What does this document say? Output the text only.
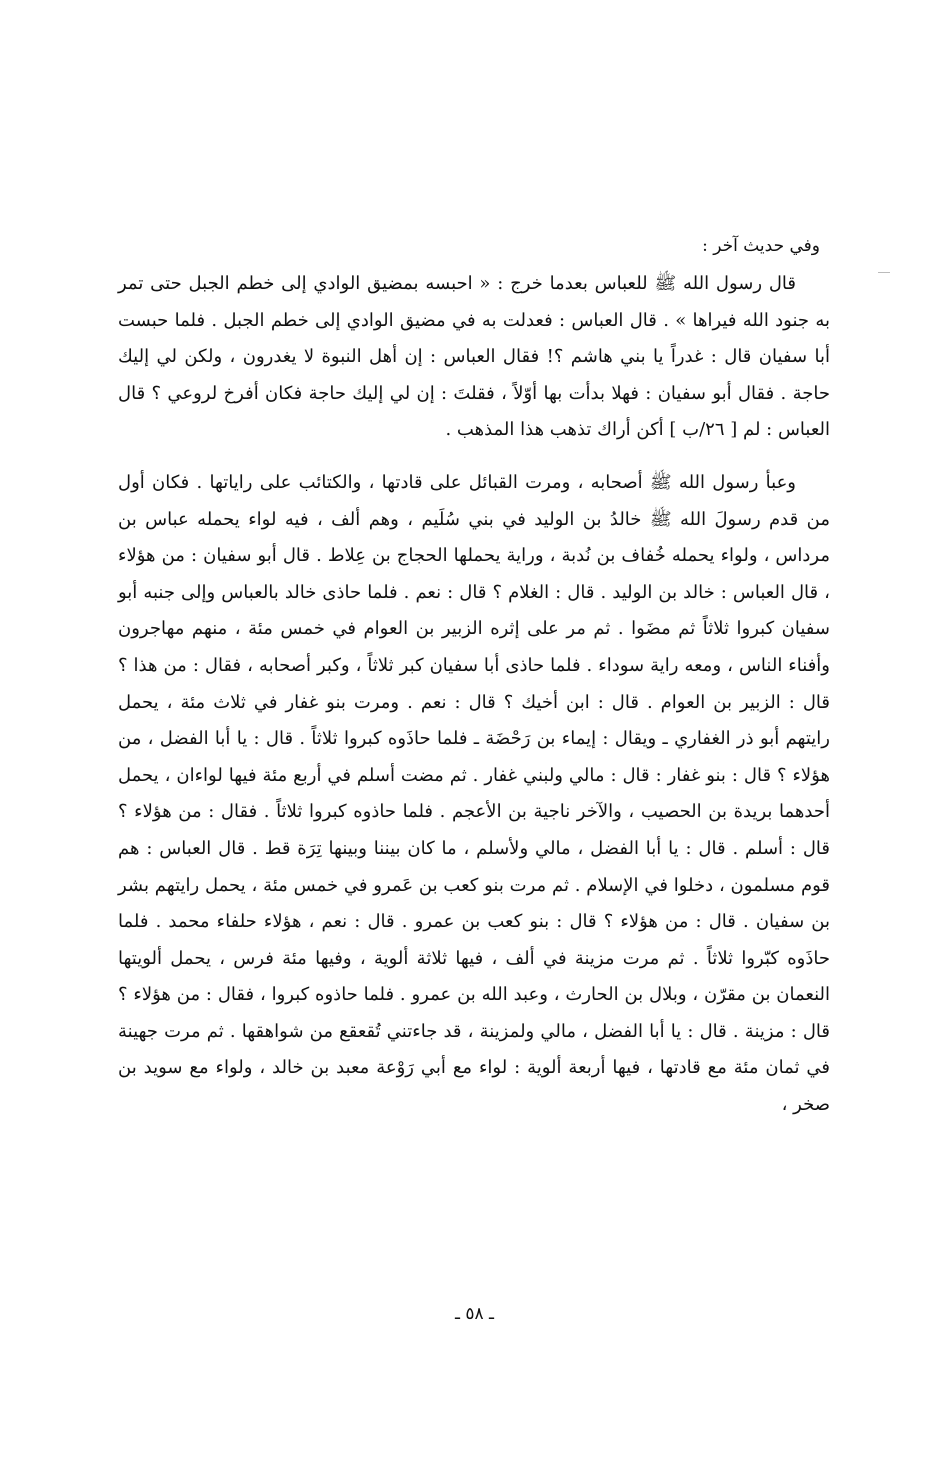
وفي حديث آخر :

قال رسول الله ﷺ للعباس بعدما خرج : « احبسه بمضيق الوادي إلى خطم الجبل حتى تمر به جنود الله فيراها » . قال العباس : فعدلت به في مضيق الوادي إلى خطم الجبل . فلما حبست أبا سفيان قال : غدراً يا بني هاشم ؟! فقال العباس : إن أهل النبوة لا يغدرون ، ولكن لي إليك حاجة . فقال أبو سفيان : فهلا بدأت بها أوّلاً ، فقلتَ : إن لي إليك حاجة فكان أفرخ لروعي ؟ قال العباس : لم [ ٢٦/ب ] أكن أراك تذهب هذا المذهب .

وعبأ رسول الله ﷺ أصحابه ، ومرت القبائل على قادتها ، والكتائب على راياتها . فكان أول من قدم رسولَ الله ﷺ خالدُ بن الوليد في بني سُلَيم ، وهم ألف ، فيه لواء يحمله عباس بن مرداس ، ولواء يحمله خُفاف بن نُدبة ، وراية يحملها الحجاج بن عِلاط . قال أبو سفيان : من هؤلاء ، قال العباس : خالد بن الوليد . قال : الغلام ؟ قال : نعم . فلما حاذى خالد بالعباس وإلى جنبه أبو سفيان كبروا ثلاثاً ثم مضَوا . ثم مر على إثره الزبير بن العوام في خمس مئة ، منهم مهاجرون وأفناء الناس ، ومعه راية سوداء . فلما حاذى أبا سفيان كبر ثلاثاً ، وكبر أصحابه ، فقال : من هذا ؟ قال : الزبير بن العوام . قال : ابن أخيك ؟ قال : نعم . ومرت بنو غفار في ثلاث مئة ، يحمل رايتهم أبو ذر الغفاري ـ ويقال : إيماء بن رَحْضَة ـ فلما حاذَوه كبروا ثلاثاً . قال : يا أبا الفضل ، من هؤلاء ؟ قال : بنو غفار : قال : مالي ولبني غفار . ثم مضت أسلم في أربع مئة فيها لواءان ، يحمل أحدهما بريدة بن الحصيب ، والآخر ناجية بن الأعجم . فلما حاذوه كبروا ثلاثاً . فقال : من هؤلاء ؟ قال : أسلم . قال : يا أبا الفضل ، مالي ولأسلم ، ما كان بيننا وبينها تِرَة قط . قال العباس : هم قوم مسلمون ، دخلوا في الإسلام . ثم مرت بنو كعب بن عَمرو في خمس مئة ، يحمل رايتهم بشر بن سفيان . قال : من هؤلاء ؟ قال : بنو كعب بن عمرو . قال : نعم ، هؤلاء حلفاء محمد . فلما حاذَوه كبّروا ثلاثاً . ثم مرت مزينة في ألف ، فيها ثلاثة ألوية ، وفيها مئة فرس ، يحمل ألويتها النعمان بن مقرّن ، وبلال بن الحارث ، وعبد الله بن عمرو . فلما حاذوه كبروا ، فقال : من هؤلاء ؟ قال : مزينة . قال : يا أبا الفضل ، مالي ولمزينة ، قد جاءتني تُقعقع من شواهقها . ثم مرت جهينة في ثمان مئة مع قادتها ، فيها أربعة ألوية : لواء مع أبي رَوْعة معبد بن خالد ، ولواء مع سويد بن صخر ،

ـ ٥٨ ـ
